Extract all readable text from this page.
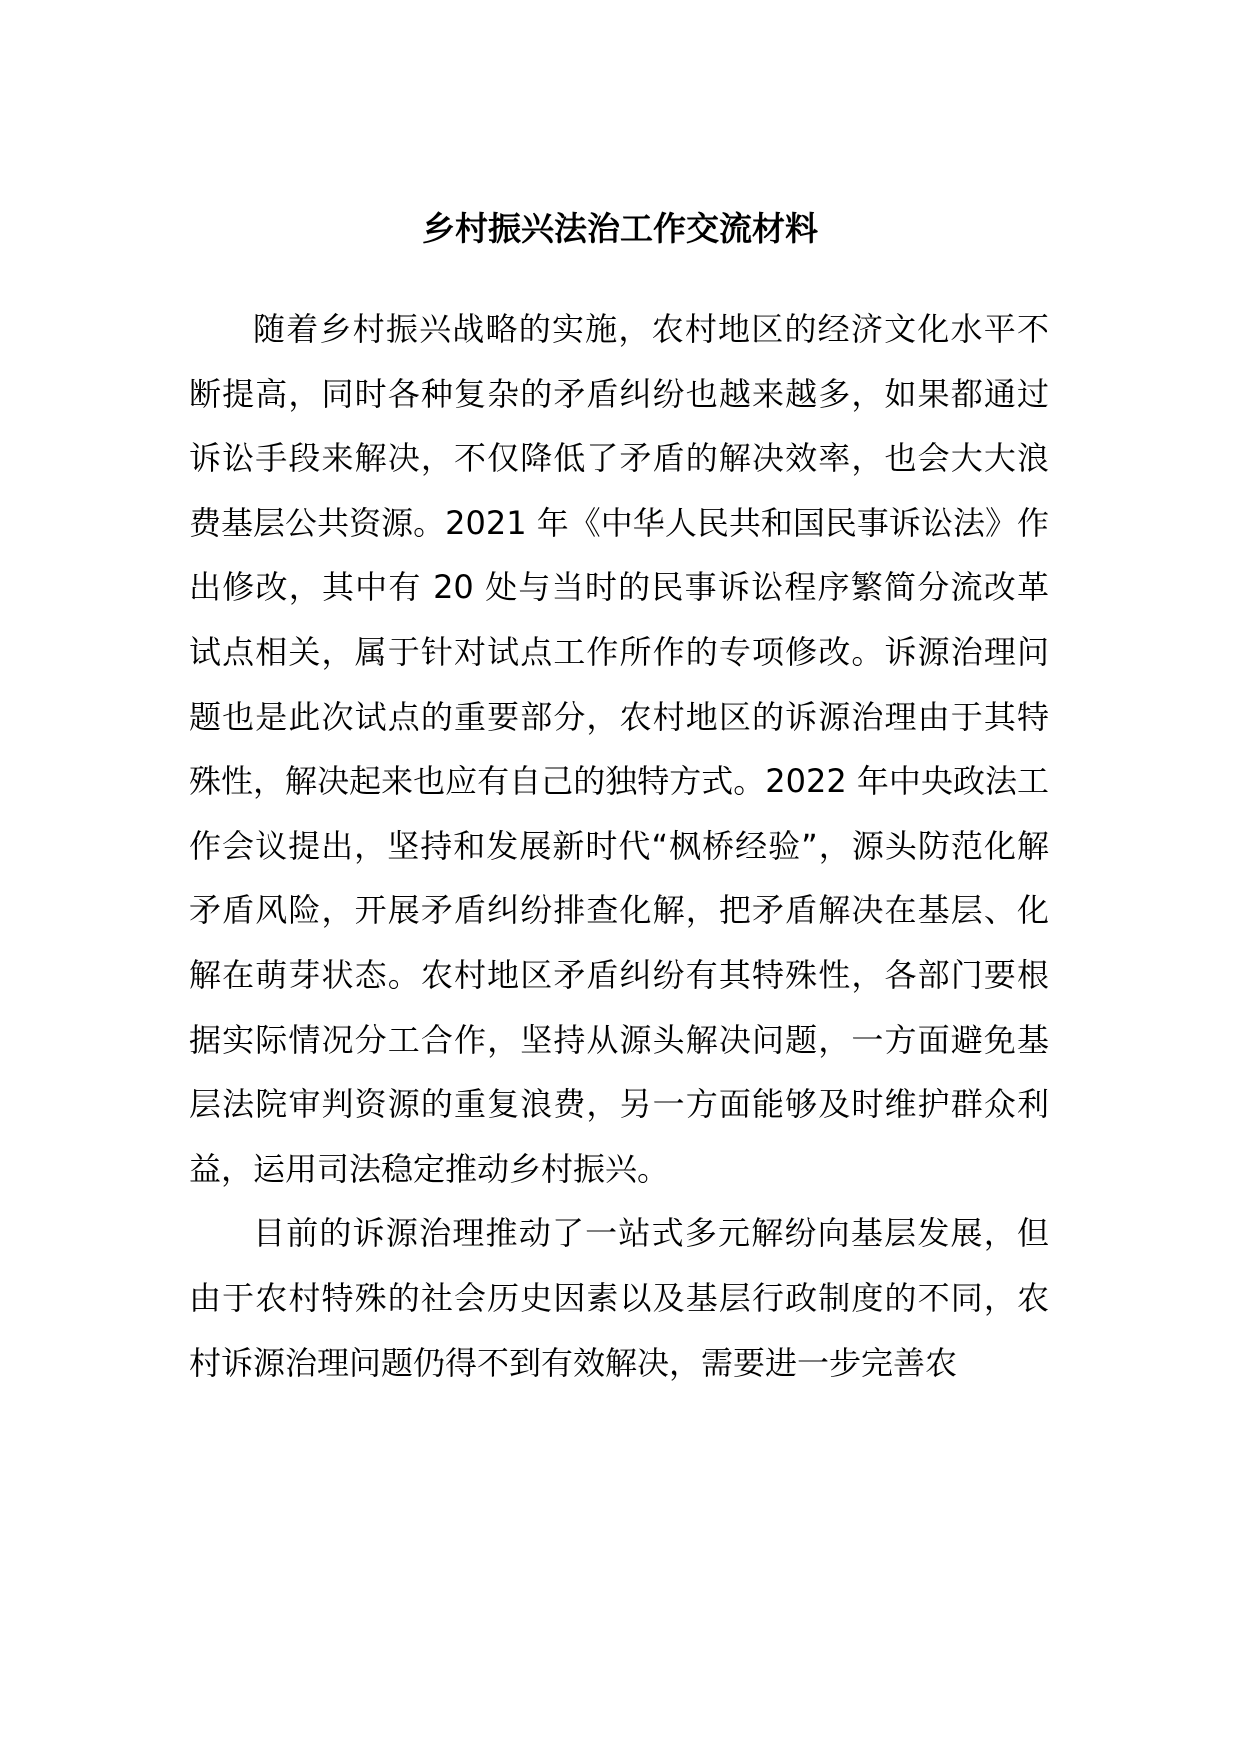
乡村振兴法治工作交流材料

随着乡村振兴战略的实施，农村地区的经济文化水平不断提高，同时各种复杂的矛盾纠纷也越来越多，如果都通过诉讼手段来解决，不仅降低了矛盾的解决效率，也会大大浪费基层公共资源。2021 年《中华人民共和国民事诉讼法》作出修改，其中有 20 处与当时的民事诉讼程序繁简分流改革试点相关，属于针对试点工作所作的专项修改。诉源治理问题也是此次试点的重要部分，农村地区的诉源治理由于其特殊性，解决起来也应有自己的独特方式。2022 年中央政法工作会议提出，坚持和发展新时代“枫桥经验”，源头防范化解矛盾风险，开展矛盾纠纷排查化解，把矛盾解决在基层、化解在萌芽状态。农村地区矛盾纠纷有其特殊性，各部门要根据实际情况分工合作，坚持从源头解决问题，一方面避免基层法院审判资源的重复浪费，另一方面能够及时维护群众利益，运用司法稳定推动乡村振兴。

目前的诉源治理推动了一站式多元解纷向基层发展，但由于农村特殊的社会历史因素以及基层行政制度的不同，农村诉源治理问题仍得不到有效解决，需要进一步完善农
